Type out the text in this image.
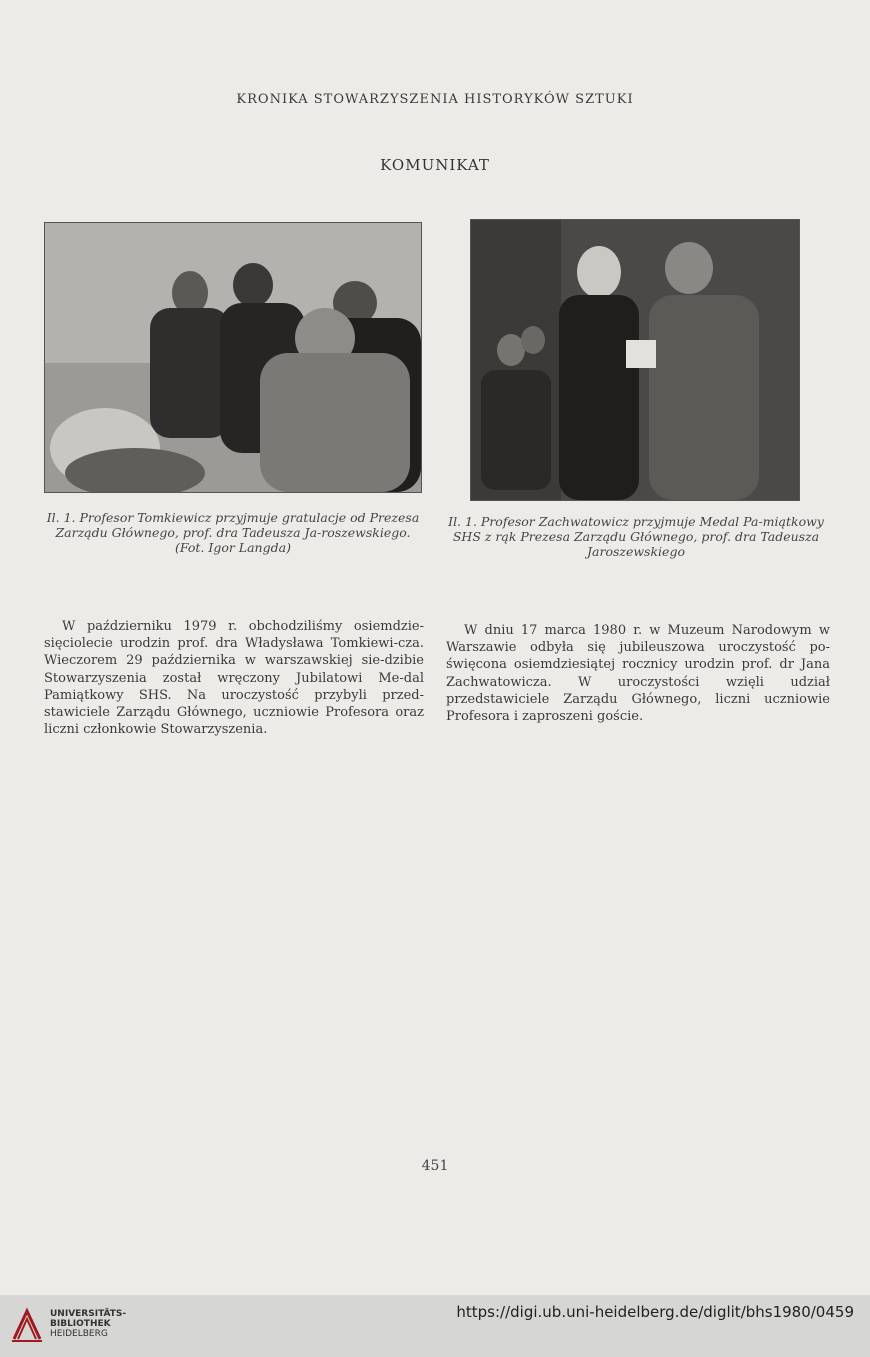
KRONIKA STOWARZYSZENIA HISTORYKÓW SZTUKI
KOMUNIKAT
Il. 1. Profesor Tomkiewicz przyjmuje gratulacje od Prezesa Zarządu Głównego, prof. dra Tadeusza Ja-roszewskiego. (Fot. Igor Langda)
Il. 1. Profesor Zachwatowicz przyjmuje Medal Pa-miątkowy SHS z rąk Prezesa Zarządu Głównego, prof. dra Tadeusza Jaroszewskiego
W październiku 1979 r. obchodziliśmy osiemdzie-sięciolecie urodzin prof. dra Władysława Tomkiewi-cza. Wieczorem 29 października w warszawskiej sie-dzibie Stowarzyszenia został wręczony Jubilatowi Me-dal Pamiątkowy SHS. Na uroczystość przybyli przed-stawiciele Zarządu Głównego, uczniowie Profesora oraz liczni członkowie Stowarzyszenia.
W dniu 17 marca 1980 r. w Muzeum Narodowym w Warszawie odbyła się jubileuszowa uroczystość po-święcona osiemdziesiątej rocznicy urodzin prof. dr Jana Zachwatowicza. W uroczystości wzięli udział przedstawiciele Zarządu Głównego, liczni uczniowie Profesora i zaproszeni goście.
451
UNIVERSITÄTS-
BIBLIOTHEK
HEIDELBERG
https://digi.ub.uni-heidelberg.de/diglit/bhs1980/0459
